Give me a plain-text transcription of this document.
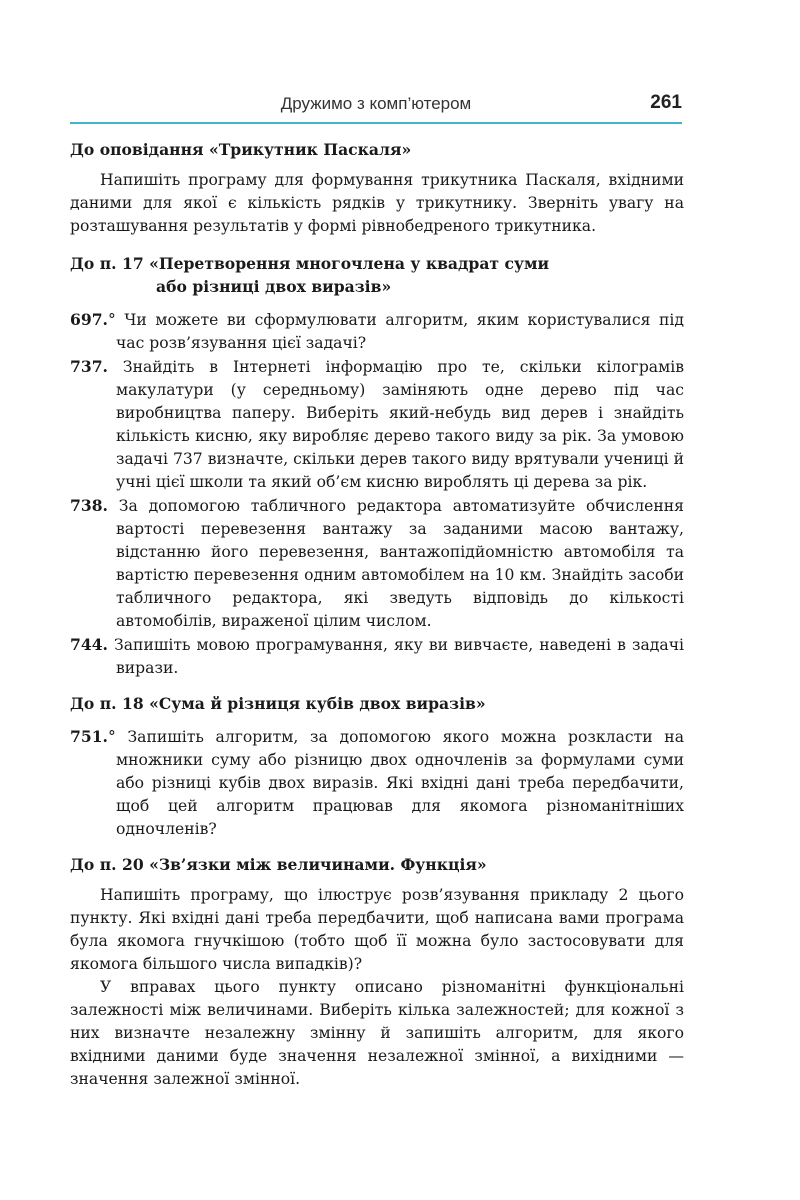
Дружимо з комп’ютером	261
До оповідання «Трикутник Паскаля»

Напишіть програму для формування трикутника Паскаля, вхідними даними для якої є кількість рядків у трикутнику. Зверніть увагу на розташування результатів у формі рівнобедреного трикутника.

До п. 17 «Перетворення многочлена у квадрат суми
або різниці двох виразів»

697.° Чи можете ви сформулювати алгоритм, яким користувалися під час розв’язування цієї задачі?

737. Знайдіть в Інтернеті інформацію про те, скільки кілограмів макулатури (у середньому) заміняють одне дерево під час виробництва паперу. Виберіть який-небудь вид дерев і знайдіть кількість кисню, яку виробляє дерево такого виду за рік. За умовою задачі 737 визначте, скільки дерев такого виду врятували учениці й учні цієї школи та який об’єм кисню вироблять ці дерева за рік.

738. За допомогою табличного редактора автоматизуйте обчислення вартості перевезення вантажу за заданими масою вантажу, відстанню його перевезення, вантажопідйомністю автомобіля та вартістю перевезення одним автомобілем на 10 км. Знайдіть засоби табличного редактора, які зведуть відповідь до кількості автомобілів, вираженої цілим числом.

744. Запишіть мовою програмування, яку ви вивчаєте, наведені в задачі вирази.

До п. 18 «Сума й різниця кубів двох виразів»

751.° Запишіть алгоритм, за допомогою якого можна розкласти на множники суму або різницю двох одночленів за формулами суми або різниці кубів двох виразів. Які вхідні дані треба передбачити, щоб цей алгоритм працював для якомога різноманітніших одночленів?

До п. 20 «Зв’язки між величинами. Функція»

Напишіть програму, що ілюструє розв’язування прикладу 2 цього пункту. Які вхідні дані треба передбачити, щоб написана вами програма була якомога гнучкішою (тобто щоб її можна було застосовувати для якомога більшого числа випадків)?

У вправах цього пункту описано різноманітні функціональні залежності між величинами. Виберіть кілька залежностей; для кожної з них визначте незалежну змінну й запишіть алгоритм, для якого вхідними даними буде значення незалежної змінної, а вихідними — значення залежної змінної.
